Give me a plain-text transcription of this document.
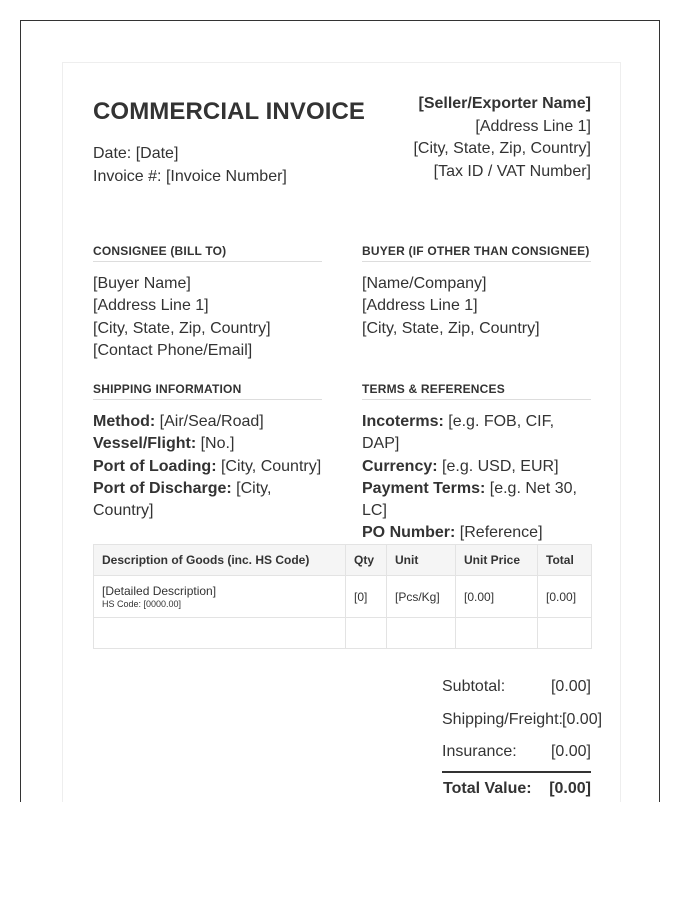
COMMERCIAL INVOICE
Date: [Date]
Invoice #: [Invoice Number]
[Seller/Exporter Name]
[Address Line 1]
[City, State, Zip, Country]
[Tax ID / VAT Number]
CONSIGNEE (BILL TO)
[Buyer Name]
[Address Line 1]
[City, State, Zip, Country]
[Contact Phone/Email]
BUYER (IF OTHER THAN CONSIGNEE)
[Name/Company]
[Address Line 1]
[City, State, Zip, Country]
SHIPPING INFORMATION
Method: [Air/Sea/Road]
Vessel/Flight: [No.]
Port of Loading: [City, Country]
Port of Discharge: [City, Country]
TERMS & REFERENCES
Incoterms: [e.g. FOB, CIF, DAP]
Currency: [e.g. USD, EUR]
Payment Terms: [e.g. Net 30, LC]
PO Number: [Reference]
Description of Goods (inc. HS Code)	Qty	Unit	Unit Price	Total
[Detailed Description]
HS Code: [0000.00]	[0]	[Pcs/Kg]	[0.00]	[0.00]

Subtotal:	[0.00]
Shipping/Freight: [0.00]
Insurance: [0.00]
Total Value: [0.00]
